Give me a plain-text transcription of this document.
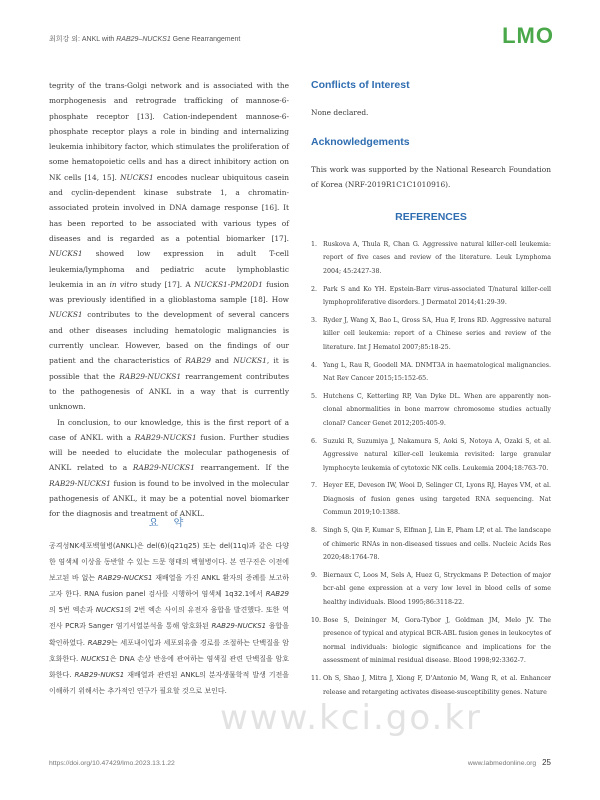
최희강 외: ANKL with RAB29–NUCKS1 Gene Rearrangement	LMO

tegrity of the trans-Golgi network and is associated with the morphogenesis and retrograde trafficking of mannose-6-phosphate receptor [13]. Cation-independent mannose-6-phosphate receptor plays a role in binding and internalizing leukemia inhibitory factor, which stimulates the proliferation of some hematopoietic cells and has a direct inhibitory action on NK cells [14, 15]. NUCKS1 encodes nuclear ubiquitous casein and cyclin-dependent kinase substrate 1, a chromatin-associated protein involved in DNA damage response [16]. It has been reported to be associated with various types of diseases and is regarded as a potential biomarker [17]. NUCKS1 showed low expression in adult T-cell leukemia/lymphoma and pediatric acute lymphoblastic leukemia in an in vitro study [17]. A NUCKS1-PM20D1 fusion was previously identified in a glioblastoma sample [18]. How NUCKS1 contributes to the development of several cancers and other diseases including hematologic malignancies is currently unclear. However, based on the findings of our patient and the characteristics of RAB29 and NUCKS1, it is possible that the RAB29-NUCKS1 rearrangement contributes to the pathogenesis of ANKL in a way that is currently unknown.

In conclusion, to our knowledge, this is the first report of a case of ANKL with a RAB29-NUCKS1 fusion. Further studies will be needed to elucidate the molecular pathogenesis of ANKL related to a RAB29-NUCKS1 rearrangement. If the RAB29-NUCKS1 fusion is found to be involved in the molecular pathogenesis of ANKL, it may be a potential novel biomarker for the diagnosis and treatment of ANKL.

요 약

공격성NK세포백혈병(ANKL)은 del(6)(q21q25) 또는 del(11q)과 같은 다양한 염색체 이상을 동반할 수 있는 드문 형태의 백혈병이다. 본 연구진은 이전에 보고된 바 없는 RAB29-NUCKS1 재배열을 가진 ANKL 환자의 증례를 보고하고자 한다. RNA fusion panel 검사를 시행하여 염색체 1q32.1에서 RAB29의 5번 엑손과 NUCKS1의 2번 엑손 사이의 유전자 융합을 발견했다. 또한 역전사 PCR과 Sanger 염기서열분석을 통해 암호화된 RAB29-NUCKS1 융합을 확인하였다. RAB29는 세포내이입과 세포외유출 경로를 조절하는 단백질을 암호화한다. NUCKS1은 DNA 손상 반응에 관여하는 염색질 관련 단백질을 암호화한다. RAB29-NUKS1 재배열과 관련된 ANKL의 분자생물학적 발생 기전을 이해하기 위해서는 추가적인 연구가 필요할 것으로 보인다.

Conflicts of Interest

None declared.

Acknowledgements

This work was supported by the National Research Foundation of Korea (NRF-2019R1C1C1010916).

REFERENCES
1. Ruskova A, Thula R, Chan G. Aggressive natural killer-cell leukemia: report of five cases and review of the literature. Leuk Lymphoma 2004; 45:2427-38.
2. Park S and Ko YH. Epstein-Barr virus-associated T/natural killer-cell lymphoproliferative disorders. J Dermatol 2014;41:29-39.
3. Ryder J, Wang X, Bao L, Gross SA, Hua F, Irons RD. Aggressive natural killer cell leukemia: report of a Chinese series and review of the literature. Int J Hematol 2007;85:18-25.
4. Yang L, Rau R, Goodell MA. DNMT3A in haematological malignancies. Nat Rev Cancer 2015;15:152-65.
5. Hutchens C, Ketterling RP, Van Dyke DL. When are apparently non-clonal abnormalities in bone marrow chromosome studies actually clonal? Cancer Genet 2012;205:405-9.
6. Suzuki R, Suzumiya J, Nakamura S, Aoki S, Notoya A, Ozaki S, et al. Aggressive natural killer-cell leukemia revisited: large granular lymphocyte leukemia of cytotoxic NK cells. Leukemia 2004;18:763-70.
7. Heyer EE, Deveson IW, Wooi D, Selinger CI, Lyons RJ, Hayes VM, et al. Diagnosis of fusion genes using targeted RNA sequencing. Nat Commun 2019;10:1388.
8. Singh S, Qin F, Kumar S, Elfman J, Lin E, Pham LP, et al. The landscape of chimeric RNAs in non-diseased tissues and cells. Nucleic Acids Res 2020;48:1764-78.
9. Biernaux C, Loos M, Sels A, Huez G, Stryckmans P. Detection of major bcr-abl gene expression at a very low level in blood cells of some healthy individuals. Blood 1995;86:3118-22.
10. Bose S, Deininger M, Gora-Tybor J, Goldman JM, Melo JV. The presence of typical and atypical BCR-ABL fusion genes in leukocytes of normal individuals: biologic significance and implications for the assessment of minimal residual disease. Blood 1998;92:3362-7.
11. Oh S, Shao J, Mitra J, Xiong F, D'Antonio M, Wang R, et al. Enhancer release and retargeting activates disease-susceptibility genes. Nature
www.kci.go.kr
https://doi.org/10.47429/lmo.2023.13.1.22	www.labmedonline.org 25
